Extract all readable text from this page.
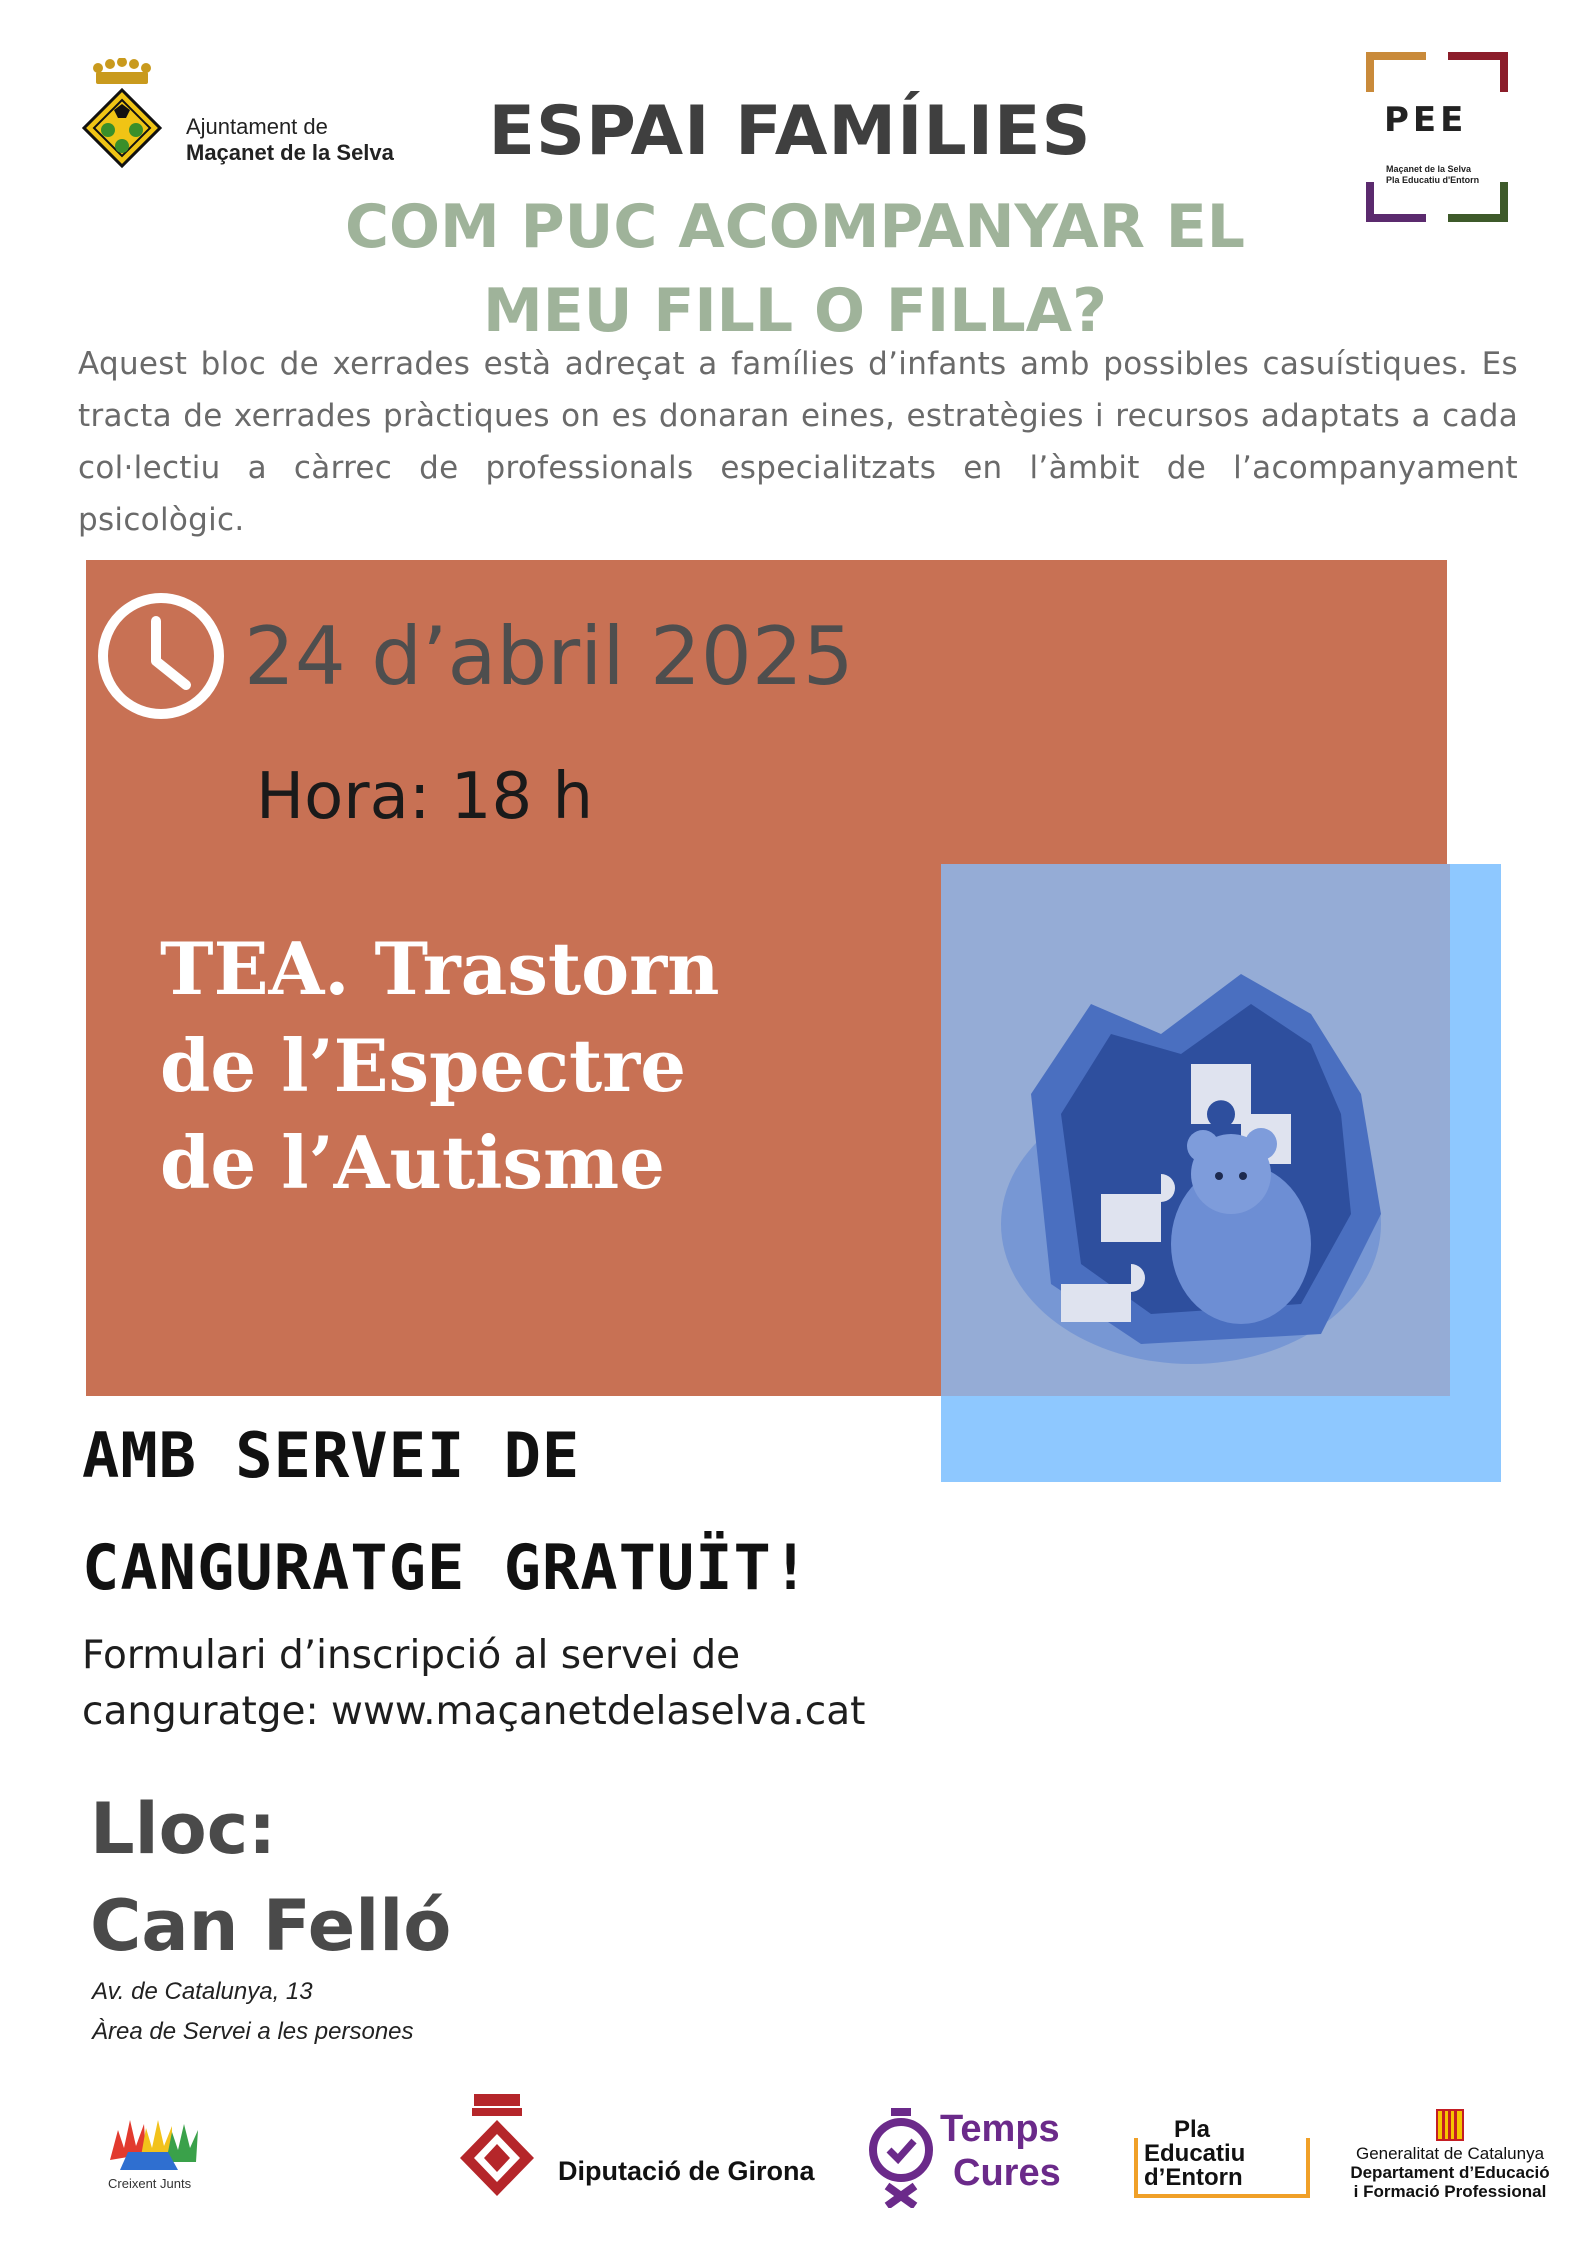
Ajuntament de
Maçanet de la Selva	ESPAI FAMÍLIES
COM PUC ACOMPANYAR EL
MEU FILL O FILLA?
PEE
Maçanet de la Selva
Pla Educatiu d'Entorn
Aquest bloc de xerrades està adreçat a famílies d’infants amb possibles casuístiques. Es tracta de xerrades pràctiques on es donaran eines, estratègies i recursos adaptats a cada col·lectiu a càrrec de professionals especialitzats en l’àmbit de l’acompanyament psicològic.
24 d’abril 2025
Hora: 18 h
TEA. Trastorn
de l’Espectre
de l’Autisme
AMB SERVEI DE
CANGURATGE GRATUÏT!
Formulari d’inscripció al servei de
canguratge: www.maçanetdelaselva.cat
Lloc:
Can Felló
Av. de Catalunya, 13
Àrea de Servei a les persones
Creixent Junts	Diputació de Girona
Temps
Cures
Pla
Educatiu
d’Entorn
Generalitat de Catalunya
Departament d’Educació
i Formació Professional
